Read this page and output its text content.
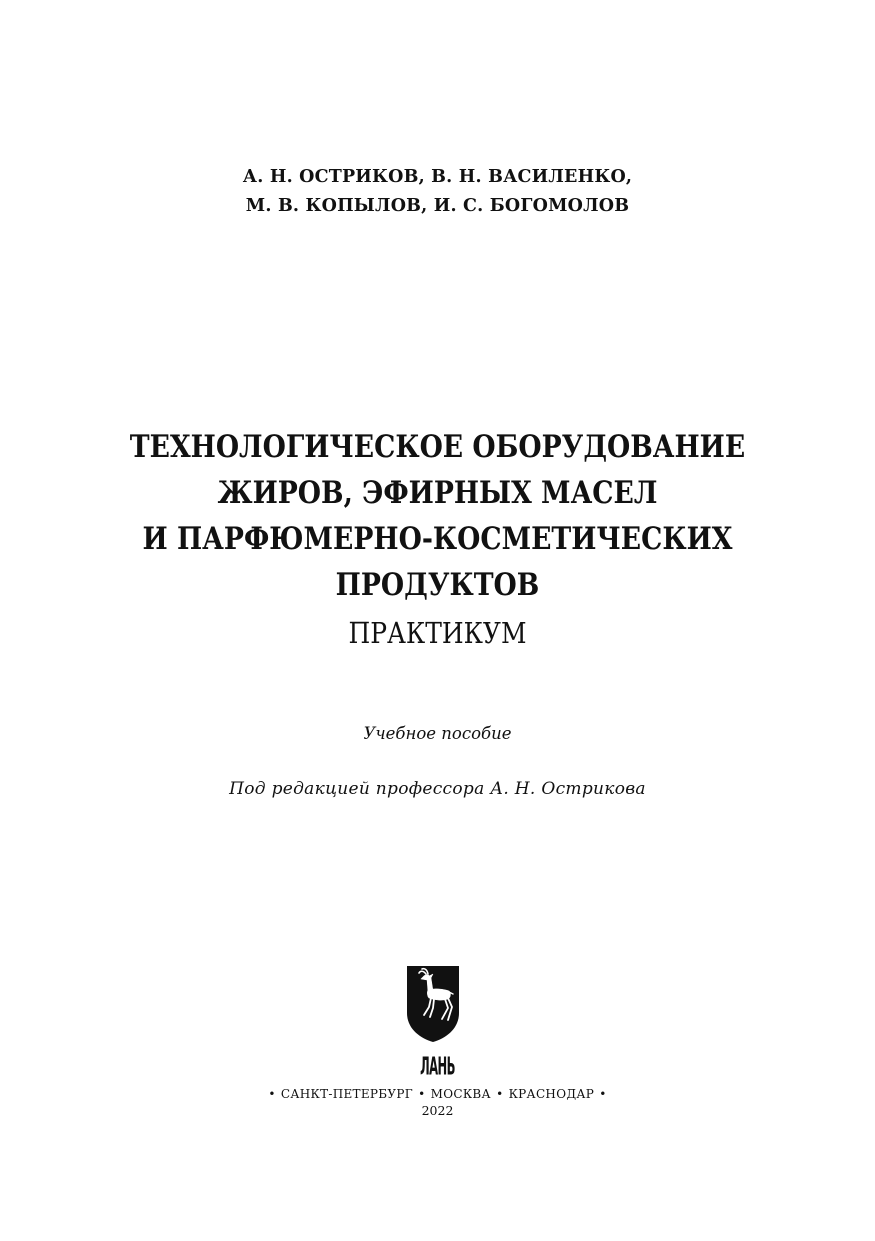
А. Н. ОСТРИКОВ, В. Н. ВАСИЛЕНКО,
М. В. КОПЫЛОВ, И. С. БОГОМОЛОВ
ТЕХНОЛОГИЧЕСКОЕ ОБОРУДОВАНИЕ
ЖИРОВ, ЭФИРНЫХ МАСЕЛ
И ПАРФЮМЕРНО-КОСМЕТИЧЕСКИХ
ПРОДУКТОВ
ПРАКТИКУМ
Учебное пособие
Под редакцией профессора А. Н. Острикова
ЛАНЬ
• САНКТ-ПЕТЕРБУРГ • МОСКВА • КРАСНОДАР •
2022
